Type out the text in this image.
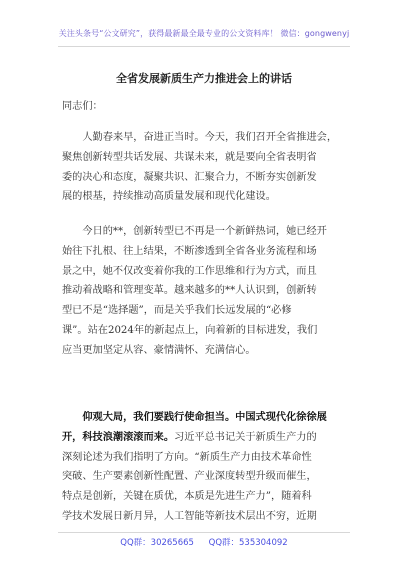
关注头条号“公文研究”，获得最新最全最专业的公文资料库！ 微信：gongwenyj
全省发展新质生产力推进会上的讲话
同志们：
  人勤春来早，奋进正当时。今天，我们召开全省推进会，
聚焦创新转型共话发展、共谋未来，就是要向全省表明省
委的决心和态度，凝聚共识、汇聚合力，不断夯实创新发
展的根基，持续推动高质量发展和现代化建设。
  今日的**，创新转型已不再是一个新鲜热词，她已经开
始往下扎根、往上结果，不断渗透到全省各业务流程和场
景之中，她不仅改变着你我的工作思维和行为方式，而且
推动着战略和管理变革。越来越多的**人认识到，创新转
型已不是“选择题”，而是关乎我们长远发展的“必修
课”。站在2024年的新起点上，向着新的目标进发，我们
应当更加坚定从容、豪情满怀、充满信心。
  仰观大局，我们要践行使命担当。中国式现代化徐徐展
开，科技浪潮滚滚而来。习近平总书记关于新质生产力的
深刻论述为我们指明了方向。“新质生产力由技术革命性
突破、生产要素创新性配置、产业深度转型升级而催生，
特点是创新，关键在质优，本质是先进生产力”，随着科
学技术发展日新月异，人工智能等新技术层出不穷，近期
QQ群：30265665 QQ群：535304092
